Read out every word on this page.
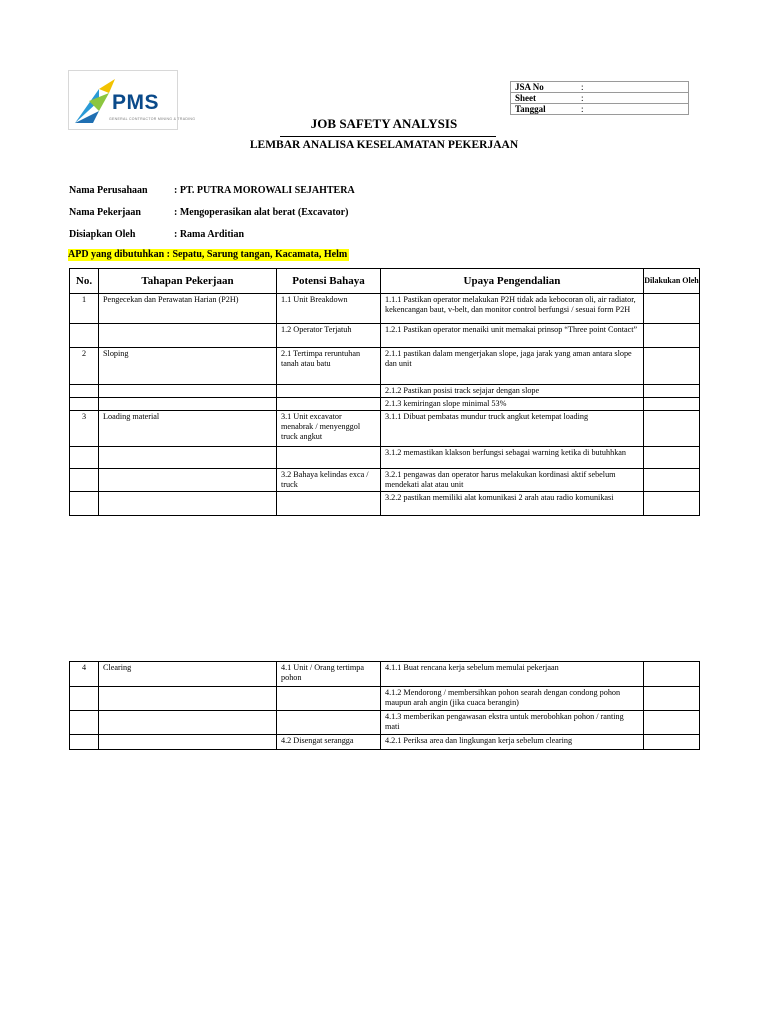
PMS
GENERAL CONTRACTOR MINING & TRADING
JSA No	:
Sheet	:
Tanggal	:
JOB SAFETY ANALYSIS
LEMBAR ANALISA KESELAMATAN PEKERJAAN
Nama Perusahaan	: PT. PUTRA MOROWALI SEJAHTERA
Nama Pekerjaan	: Mengoperasikan alat berat (Excavator)
Disiapkan Oleh	: Rama Arditian
APD yang dibutuhkan : Sepatu, Sarung tangan, Kacamata, Helm
No.	Tahapan Pekerjaan	Potensi Bahaya	Upaya Pengendalian	Dilakukan Oleh
1	Pengecekan dan Perawatan Harian (P2H)	1.1 Unit Breakdown	1.1.1 Pastikan operator melakukan P2H tidak ada kebocoran oli, air radiator, kekencangan baut, v-belt, dan monitor control berfungsi / sesuai form P2H	
		1.2 Operator Terjatuh	1.2.1 Pastikan operator menaiki unit memakai prinsop “Three point Contact”	
2	Sloping	2.1 Tertimpa reruntuhan tanah atau batu	2.1.1 pastikan dalam mengerjakan slope, jaga jarak yang aman antara slope dan unit	
			2.1.2 Pastikan posisi track sejajar dengan slope	
			2.1.3 kemiringan slope minimal 53%	
3	Loading material	3.1 Unit excavator menabrak / menyenggol truck angkut	3.1.1 Dibuat pembatas mundur truck angkut ketempat loading	
			3.1.2 memastikan klakson berfungsi sebagai warning ketika di butuhhkan	
		3.2 Bahaya kelindas exca / truck	3.2.1 pengawas dan operator harus melakukan kordinasi aktif sebelum mendekati alat atau unit	
			3.2.2 pastikan memiliki alat komunikasi 2 arah atau radio komunikasi	
4	Clearing	4.1 Unit / Orang tertimpa pohon	4.1.1 Buat rencana kerja sebelum memulai pekerjaan	
			4.1.2 Mendorong / membersihkan pohon searah dengan condong pohon maupun arah angin (jika cuaca berangin)	
			4.1.3 memberikan pengawasan ekstra untuk merobohkan pohon / ranting mati	
		4.2 Disengat serangga	4.2.1 Periksa area dan lingkungan kerja sebelum clearing	
